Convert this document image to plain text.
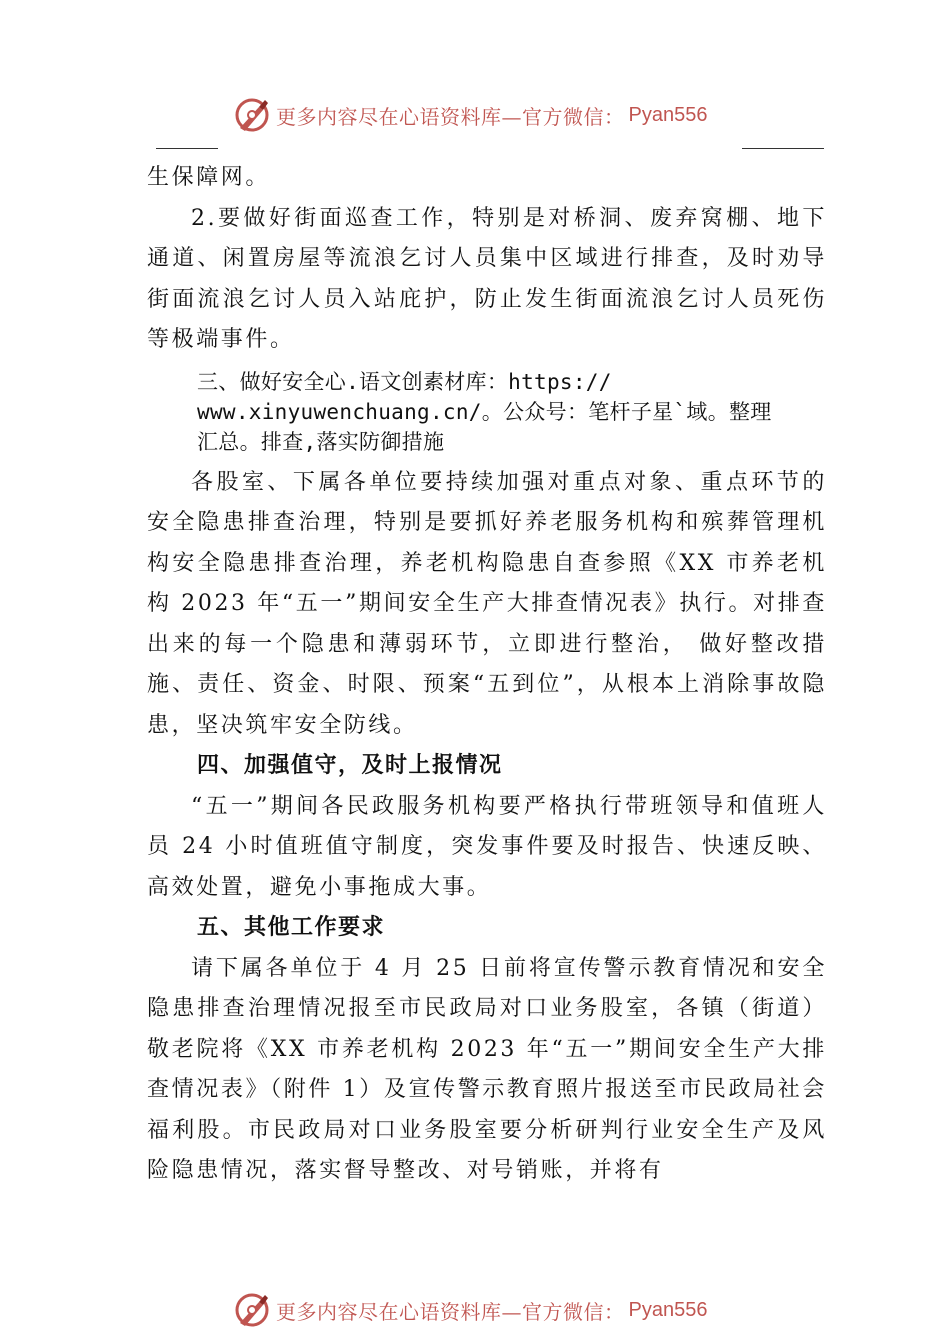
更多内容尽在心语资料库—官方微信： Pyan556

生保障网。

2.要做好街面巡查工作，特别是对桥洞、废弃窝棚、地下通道、闲置房屋等流浪乞讨人员集中区域进行排查，及时劝导街面流浪乞讨人员入站庇护，防止发生街面流浪乞讨人员死伤等极端事件。

三、做好安全心.语文创素材库：https://
www.xinyuwenchuang.cn/。公众号：笔杆子星`域。整理
汇总。排查,落实防御措施

各股室、下属各单位要持续加强对重点对象、重点环节的安全隐患排查治理，特别是要抓好养老服务机构和殡葬管理机构安全隐患排查治理，养老机构隐患自查参照《XX 市养老机构 2023 年“五一”期间安全生产大排查情况表》执行。对排查出来的每一个隐患和薄弱环节，立即进行整治， 做好整改措施、责任、资金、时限、预案“五到位”，从根本上消除事故隐患，坚决筑牢安全防线。

四、加强值守，及时上报情况

“五一”期间各民政服务机构要严格执行带班领导和值班人员 24 小时值班值守制度，突发事件要及时报告、快速反映、高效处置，避免小事拖成大事。

五、其他工作要求

请下属各单位于 4 月 25 日前将宣传警示教育情况和安全隐患排查治理情况报至市民政局对口业务股室，各镇（街道）敬老院将《XX 市养老机构 2023 年“五一”期间安全生产大排查情况表》（附件 1）及宣传警示教育照片报送至市民政局社会福利股。市民政局对口业务股室要分析研判行业安全生产及风险隐患情况，落实督导整改、对号销账，并将有

更多内容尽在心语资料库—官方微信： Pyan556
